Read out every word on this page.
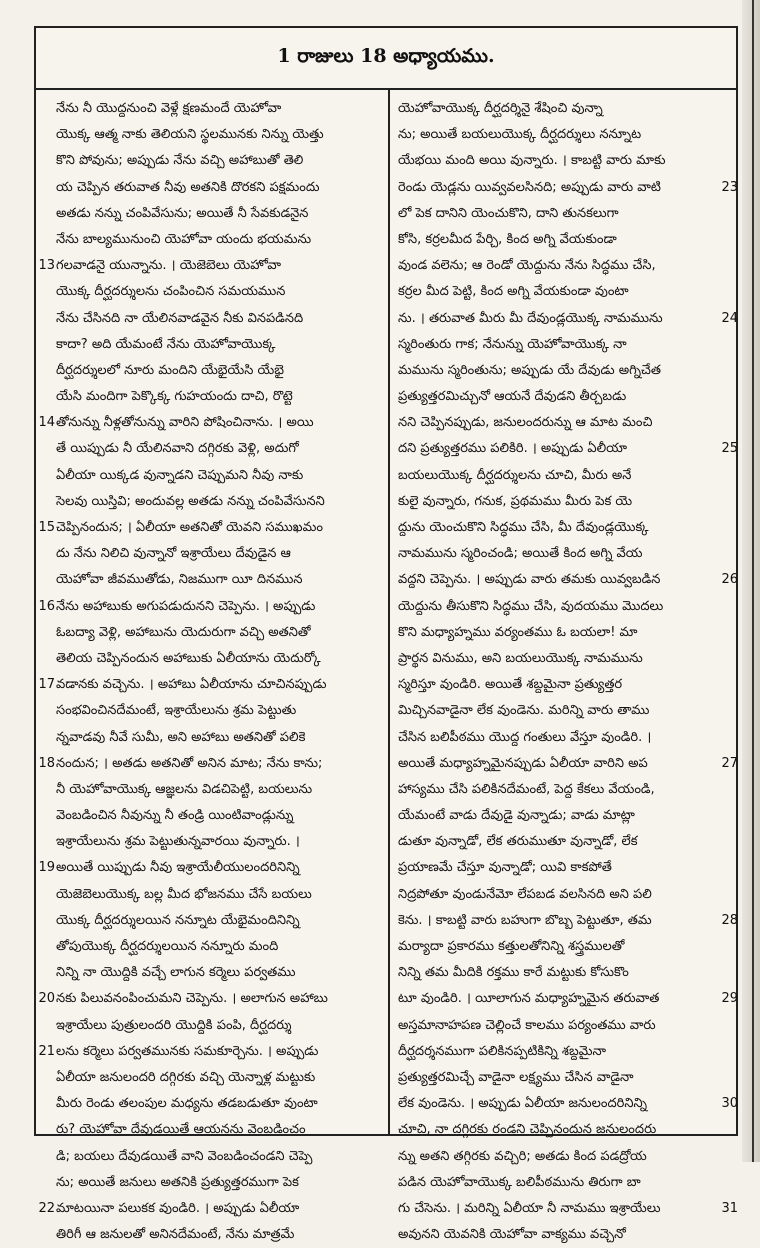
1 రాజులు 18 అధ్యాయము.
నేను నీ యొద్దనుంచి వెళ్లే క్షణమందే యెహోవా
యొక్క ఆత్మ నాకు తెలియని స్థలమునకు నిన్ను యెత్తు
కొని పోవును; అప్పుడు నేను వచ్చి అహాబుతో తెలి
య చెప్పిన తరువాత నీవు అతనికి దొరకని పక్షమందు
అతడు నన్ను చంపివేసును; అయితే నీ సేవకుడనైన
నేను బాల్యమునుంచి యెహోవా యందు భయమను
13 గలవాడనై యున్నాను. । యెజెబెలు యెహోవా
యొక్క దీర్ఘదర్శులను చంపించిన సమయమున
నేను చేసినది నా యేలినవాడవైన నీకు వినపడినది
కాదా? అది యేమంటే నేను యెహోవాయొక్క
దీర్ఘదర్శులలో నూరు మందిని యేభైయేసి యేభై
యేసి మందిగా పెక్కొక్క గుహయందు దాచి, రొట్టె
14 తోనున్ను నీళ్లతోనున్ను వారిని పోషించినాను. । అయి
తే యిప్పుడు నీ యేలినవాని దగ్గిరకు వెళ్లి, అదుగో
ఏలీయా యిక్కడ వున్నాడని చెప్పుమని నీవు నాకు
సెలవు యిస్తివి; అందువల్ల అతడు నన్ను చంపివేసునని
15 చెప్పినందున; । ఏలీయా అతనితో యెవని సముఖమం
దు నేను నిలిచి వున్నానో ఇశ్రాయేలు దేవుడైన ఆ
యెహోవా జీవముతోడు, నిజముగా యీ దినమున
16 నేను అహాబుకు అగుపడుదునని చెప్పెను. । అప్పుడు
ఓబద్యా వెళ్లి, అహాబును యెదురుగా వచ్చి అతనితో
తెలియ చెప్పినందున అహాబుకు ఏలీయాను యెదుర్కో
17 వడానకు వచ్చెను. । అహాబు ఏలీయాను చూచినప్పుడు
సంభవించినదేమంటే, ఇశ్రాయేలును శ్రమ పెట్టుతు
న్నవాడవు నీవే సుమీ, అని అహాబు అతనితో పలికె
18 నందున; । అతడు అతనితో అనిన మాట; నేను కాను;
నీ యెహోవాయొక్క ఆజ్ఞలను విడచిపెట్టి, బయలును
వెంబడించిన నీవున్ను నీ తండ్రి యింటివాండ్లున్ను
ఇశ్రాయేలును శ్రమ పెట్టుతున్నవారయి వున్నారు. ।
19 అయితే యిప్పుడు నీవు ఇశ్రాయేలీయులందరినిన్ని
యెజెబెలుయొక్క బల్ల మీద భోజనము చేసే బయలు
యొక్క దీర్ఘదర్శులయిన నన్నూట యేభైమందినిన్ని
తోపుయొక్క దీర్ఘదర్శులయిన నన్నూరు మంది
నిన్ని నా యొద్దికి వచ్చే లాగున కర్మెలు పర్వతము
20 నకు పిలువనంపించుమని చెప్పెను. । అలాగున అహాబు
ఇశ్రాయేలు పుత్రులందరి యొద్దికి పంపి, దీర్ఘదర్శు
21 లను కర్మెలు పర్వతమునకు సమకూర్చెను. । అప్పుడు
ఏలీయా జనులందరి దగ్గిరకు వచ్చి యెన్నాళ్ల మట్టుకు
మీరు రెండు తలంపుల మధ్యను తడబడుతూ వుంటా
రు? యెహోవా దేవుడయితే ఆయనను వెంబడించం
డి; బయలు దేవుడయితే వాని వెంబడించండని చెప్పె
ను; అయితే జనులు అతనికి ప్రత్యుత్తరముగా పెక
22 మాటయినా పలుకక వుండిరి. । అప్పుడు ఏలీయా
తిరిగీ ఆ జనులతో అనినదేమంటే, నేను మాత్రమే
యెహోవాయొక్క దీర్ఘదర్శినై శేషించి వున్నా
ను; అయితే బయలుయొక్క దీర్ఘదర్శులు నన్నూట
యేభయి మంది అయి వున్నారు. । కాబట్టి వారు మాకు
23
రెండు యెడ్లను యివ్వవలసినది; అప్పుడు వారు వాటి
లో పెక దానిని యెంచుకొని, దాని తునకలుగా
కోసి, కర్రలమీద పేర్చి, కింద అగ్ని వేయకుండా
వుండ వలెను; ఆ రెండో యెద్దును నేను సిద్ధము చేసి,
కర్రల మీద పెట్టి, కింద అగ్ని వేయకుండా వుంటా
24
ను. । తరువాత మీరు మీ దేవుండ్లయొక్క నామమును
స్మరింతురు గాక; నేనున్ను యెహోవాయొక్క నా
మమును స్మరింతును; అప్పుడు యే దేవుడు అగ్నిచేత
ప్రత్యుత్తరమిచ్చునో ఆయనే దేవుడని తీర్చబడు
నని చెప్పినప్పుడు, జనులందరున్ను ఆ మాట మంచి
25
దని ప్రత్యుత్తరము పలికిరి. । అప్పుడు ఏలీయా
బయలుయొక్క దీర్ఘదర్శులను చూచి, మీరు అనే
కులై వున్నారు, గనుక, ప్రథమము మీరు పెక యె
ద్దును యెంచుకొని సిద్ధము చేసి, మీ దేవుండ్లయొక్క
నామమును స్మరించండి; అయితే కింద అగ్ని వేయ
26
వద్దని చెప్పెను. । అప్పుడు వారు తమకు యివ్వబడిన
యెద్దును తీసుకొని సిద్ధము చేసి, వుదయము మొదలు
కొని మధ్యాహ్నము వర్యంతము ఓ బయలా! మా
ప్రార్థన వినుము, అని బయలుయొక్క నామమును
స్మరిస్తూ వుండిరి. అయితే శబ్దమైనా ప్రత్యుత్తర
మిచ్చినవాడైనా లేక వుండెను. మరిన్ని వారు తాము
చేసిన బలిపీఠము యొద్ద గంతులు వేస్తూ వుండిరి. ।
27
అయితే మధ్యాహ్నమైనప్పుడు ఏలీయా వారిని అప
హాస్యము చేసి పలికినదేమంటే, పెద్ద కేకలు వేయండి,
యేమంటే వాడు దేవుడై వున్నాడు; వాడు మాట్లా
డుతూ వున్నాడో, లేక తరుముతూ వున్నాడో, లేక
ప్రయాణమే చేస్తూ వున్నాడో; యివి కాకపోతే
నిద్రపోతూ వుండునేమో లేపబడ వలసినది అని పలి
28
కెను. । కాబట్టి వారు బహుగా బొబ్బ పెట్టుతూ, తమ
మర్యాదా ప్రకారము కత్తులతోనిన్ని శస్త్రములతో
నిన్ని తమ మీదికి రక్తము కారే మట్టుకు కోసుకొం
29
టూ వుండిరి. । యీలాగున మధ్యాహ్నమైన తరువాత
అస్తమానాహపణ చెల్లించే కాలము పర్యంతము వారు
దీర్ఘదర్శనముగా పలికినప్పటికిన్ని శబ్దమైనా
ప్రత్యుత్తరమిచ్చే వాడైనా లక్ష్యము చేసిన వాడైనా
30
లేక వుండెను. । అప్పుడు ఏలీయా జనులందరినిన్ని
చూచి, నా దగ్గిరకు రండని చెప్పినందున జనులందరు
న్ను అతని తగ్గిరకు వచ్చిరి; అతడు కింద పడద్రోయ
పడిన యెహోవాయొక్క బలిపీఠమును తిరుగా బా
31
గు చేసెను. । మరిన్ని ఏలీయా నీ నామము ఇశ్రాయేలు
అవునని యెవనికి యెహోవా వాక్యము వచ్చెనో
